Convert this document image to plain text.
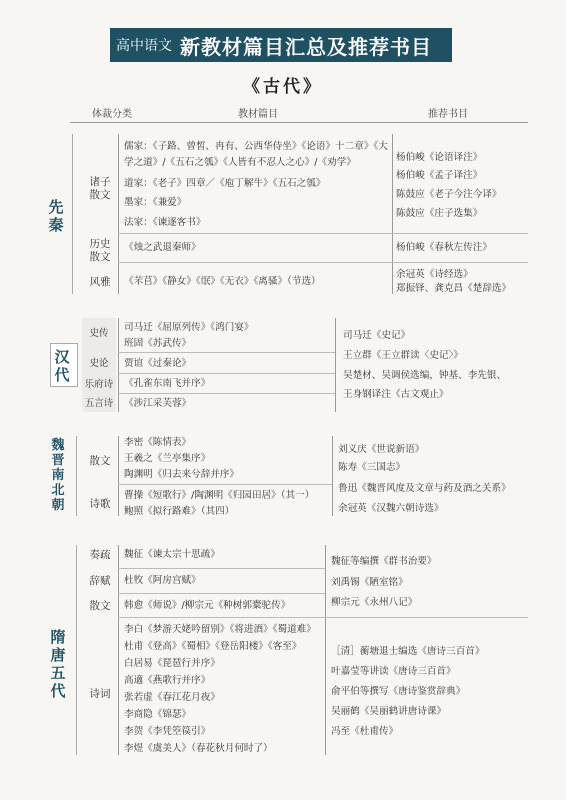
高中语文 新教材篇目汇总及推荐书目
《古代》
体裁分类	教材篇目	推荐书目
先秦
诸子散文
历史散文
风雅
儒家：《子路、曾皙、冉有、公西华侍坐》《论语》十二章》《大
学之道》/《五石之瓠》《人皆有不忍人之心》/《劝学》
道家：《老子》四章／《庖丁解牛》《五石之瓠》
墨家：《兼爱》
法家：《谏逐客书》
《烛之武退秦师》
《芣苢》《静女》《氓》《无衣》《离骚》（节选）
杨伯峻《论语译注》
杨伯峻《孟子译注》
陈鼓应《老子今注今译》
陈鼓应《庄子选集》
杨伯峻《春秋左传注》
余冠英《诗经选》
郑振铎、龚克昌《楚辞选》
汉代
史传
史论
乐府诗
五言诗
司马迁《屈原列传》《鸿门宴》
班固《苏武传》
贾谊《过秦论》
《孔雀东南飞并序》
《涉江采芙蓉》
司马迁《史记》
王立群《王立群读〈史记〉》
吴楚材、吴调侯选编，钟基、李先银、
王身钢译注《古文观止》
魏晋南北朝
散文
诗歌
李密《陈情表》
王羲之《兰亭集序》
陶渊明《归去来兮辞并序》
曹操《短歌行》/陶渊明《归园田居》（其一）
鲍照《拟行路难》（其四）
刘义庆《世说新语》
陈寿《三国志》
鲁迅《魏晋风度及文章与药及酒之关系》
余冠英《汉魏六朝诗选》
隋唐五代
奏疏
辞赋
散文
诗词
魏征《谏太宗十思疏》
杜牧《阿房宫赋》
韩愈《师说》/柳宗元《种树郭橐驼传》
李白《梦游天姥吟留别》《将进酒》《蜀道难》
杜甫《登高》《蜀相》《登岳阳楼》《客至》
白居易《琵琶行并序》
高適《燕歌行并序》
张若虚《春江花月夜》
李商隐《锦瑟》
李贺《李凭箜篌引》
李煜《虞美人》（春花秋月何时了）
魏征等编撰《群书治要》
刘禹锡《陋室铭》
柳宗元《永州八记》
［清］蘅塘退士编选《唐诗三百首》
叶嘉莹等讲读《唐诗三百首》
俞平伯等撰写《唐诗鉴赏辞典》
吴丽鹤《吴丽鹤讲唐诗课》
冯至《杜甫传》
